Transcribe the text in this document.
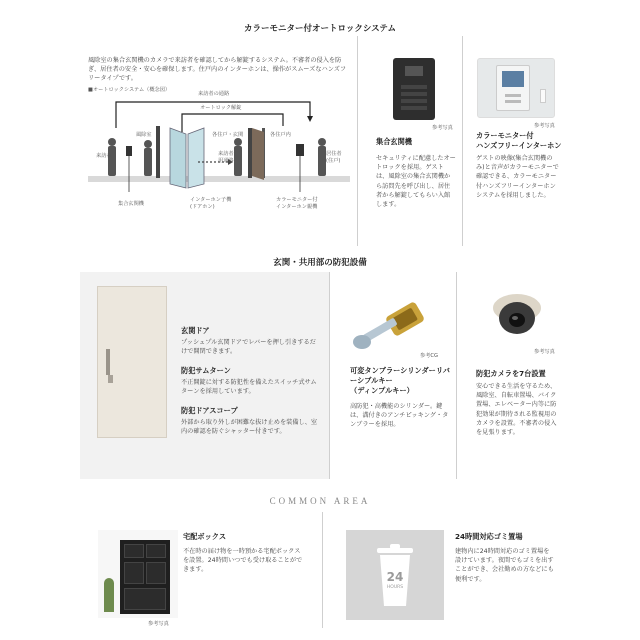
カラーモニター付オートロックシステム
風除室の集合玄関機のカメラで来訪者を確認してから解錠するシステム。不審者の侵入を防ぎ、居住者の安全・安心を確保します。住戸内のインターホンは、操作がスムーズなハンズフリータイプです。
■オートロックシステム（概念図）
来訪者の通路
オートロック解錠
風除室	各住戸・玄関	各住戸内
来訪者	来訪者
用通路
居住者
(住戸)
集合玄関機
インターホン子機
(ドアホン)
カラーモニター付
インターホン親機
参考写真
集合玄関機
セキュリティに配慮したオートロックを採用。ゲストは、風除室の集合玄関機から訪問先を呼び出し、居住者から解錠してもらい入館します。
参考写真
カラーモニター付
ハンズフリーインターホン
ゲストの映像(集合玄関機のみ)と音声がカラーモニターで確認できる、カラーモニター付ハンズフリーインターホンシステムを採用しました。
玄関・共用部の防犯設備
玄関ドア
プッシュプル玄関ドアでレバーを押し引きするだけで開閉できます。
防犯サムターン
不正開錠に対する防犯性を備えたスイッチ式サムターンを採用しています。
防犯ドアスコープ
外部から取り外しが困難な抜け止めを装備し、室内の確認を防ぐシャッター付きです。
参考CG
可変タンブラーシリンダーリバーシブルキー
（ディンプルキー）
高防犯・高機能のシリンダー。鍵は、溝付きのアンチピッキング・タンブラーを採用。
参考写真
防犯カメラを7台設置
安心できる生活を守るため、風除室、自転車置場、バイク置場、エレベーター内等に防犯効果が期待される監視用のカメラを設置。不審者の侵入を見張ります。
COMMON AREA
参考写真
宅配ボックス
不在時の届け物を一時預かる宅配ボックスを設置。24時間いつでも受け取ることができます。
24
HOURS
24時間対応ゴミ置場
建物内に24時間対応のゴミ置場を設けています。夜間でもゴミを出すことができ、会社勤めの方などにも便利です。
